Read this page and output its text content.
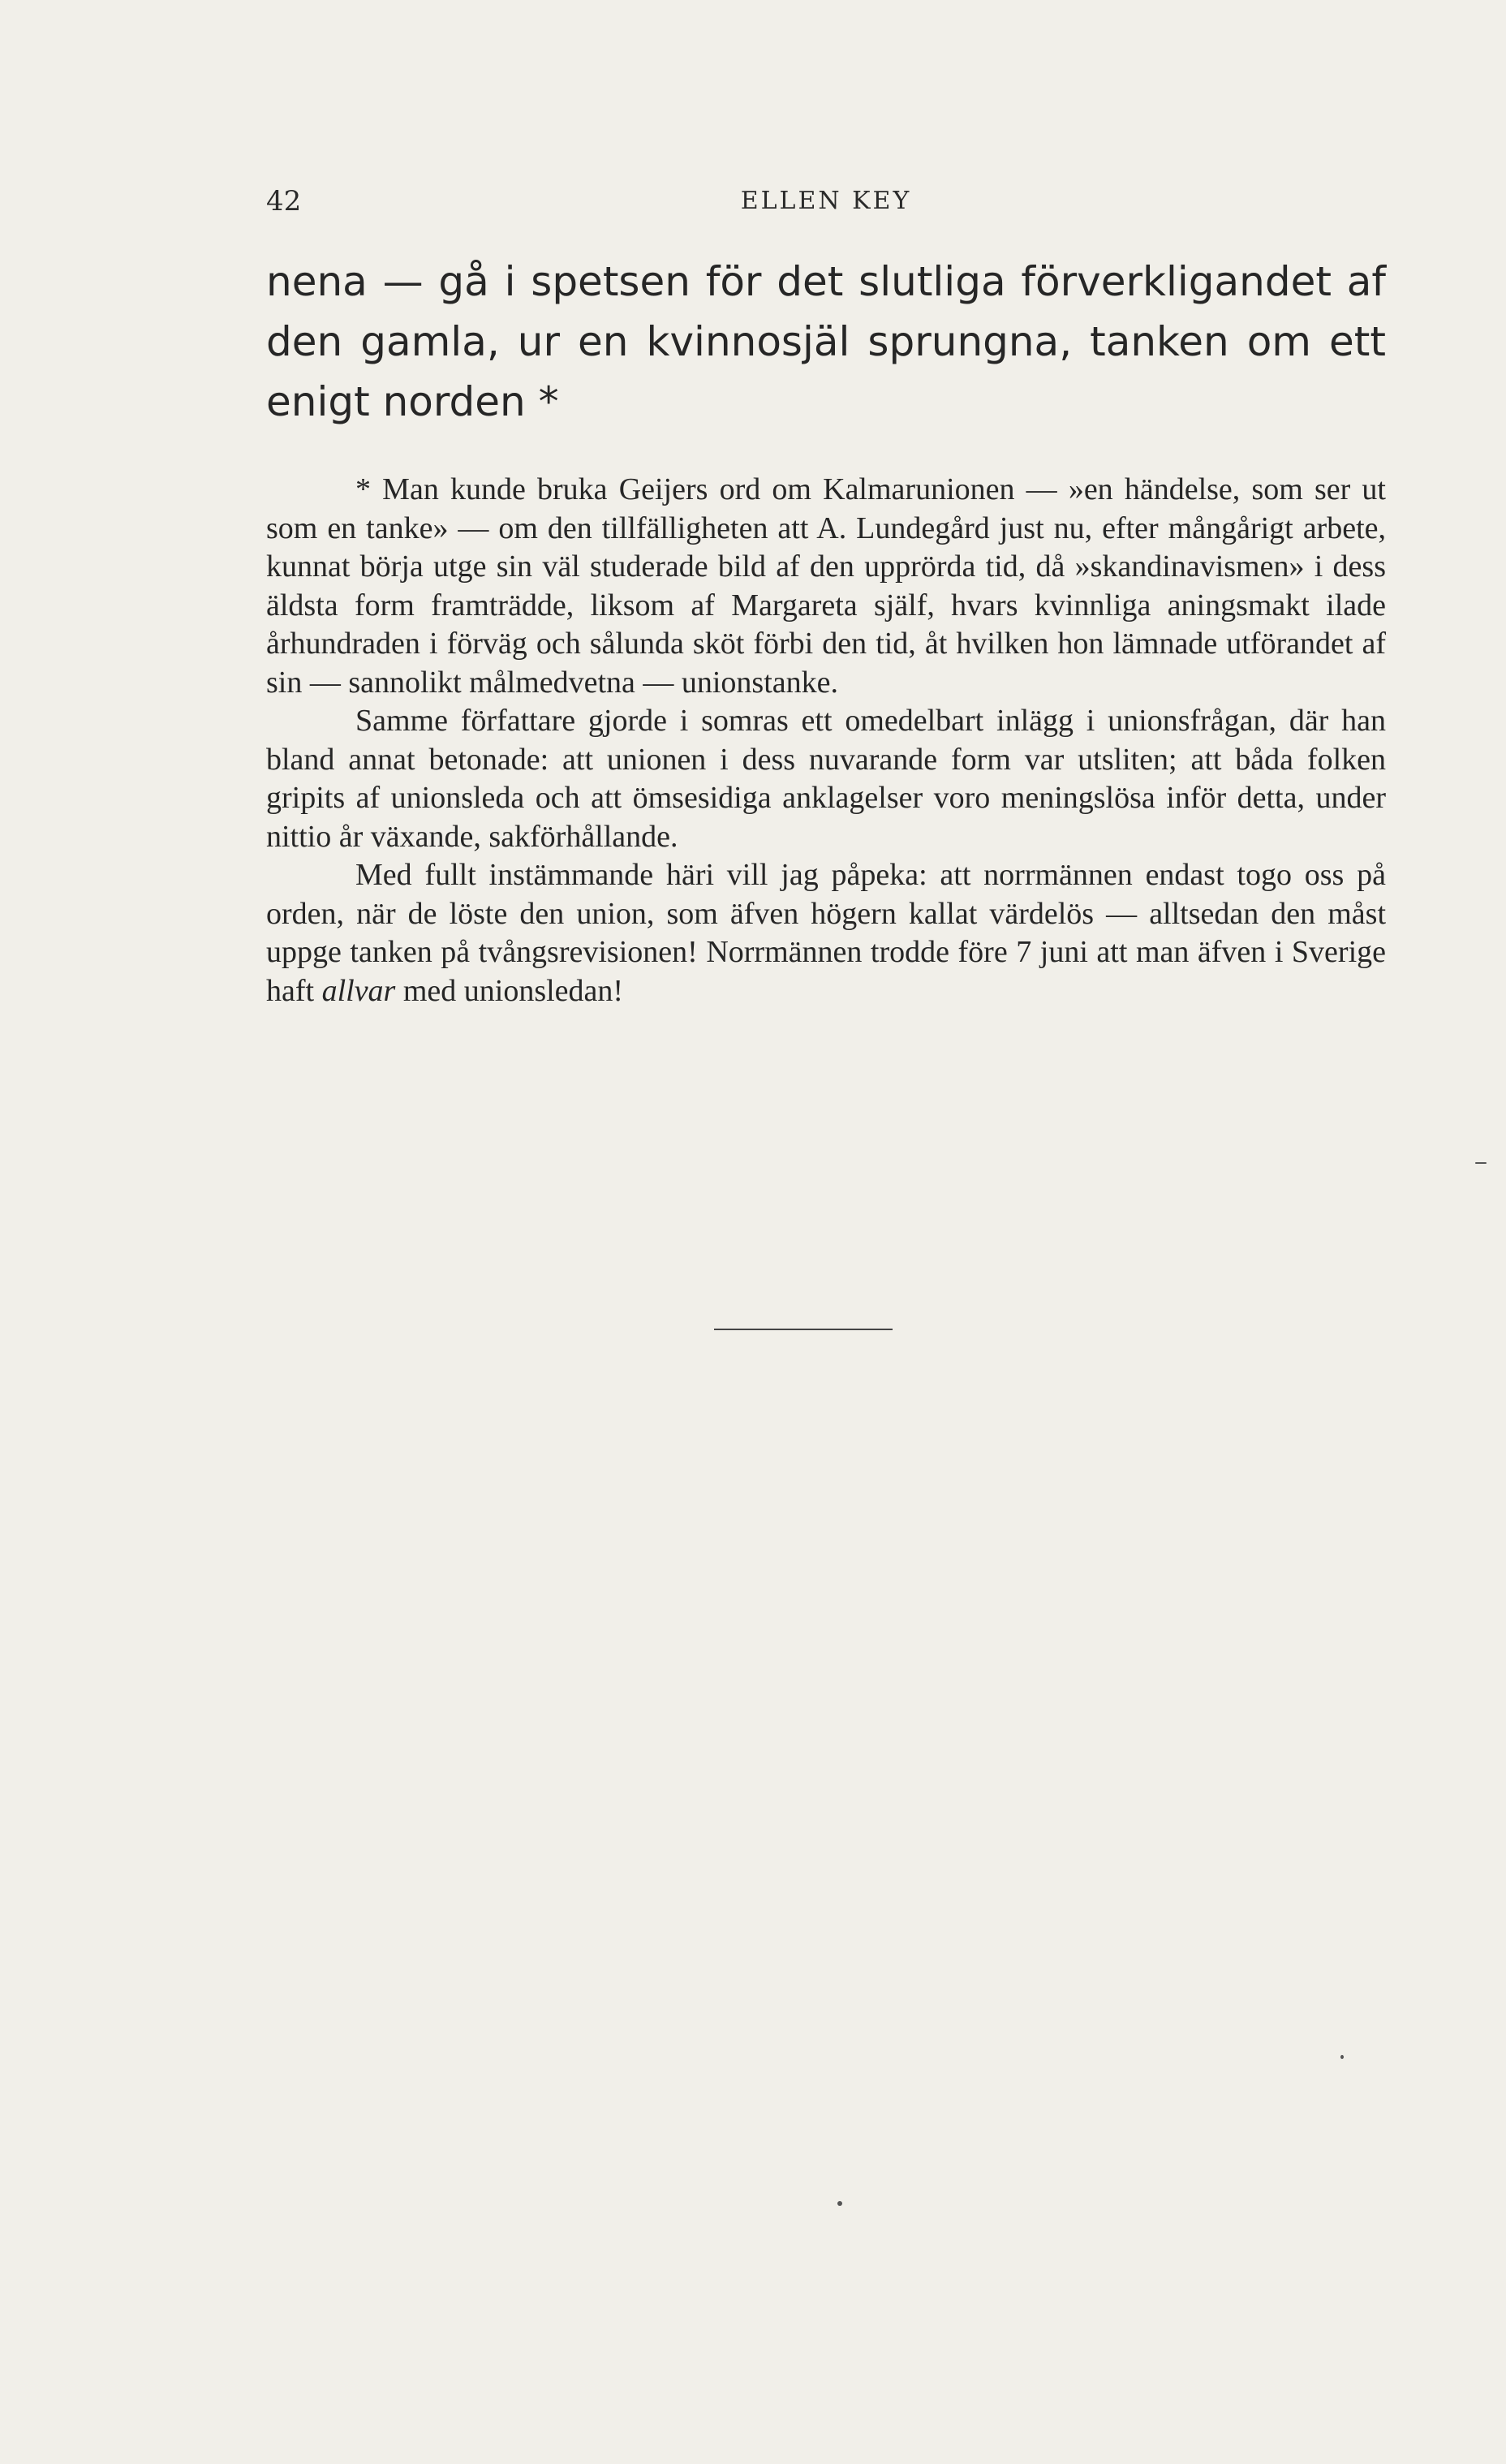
42	ELLEN KEY

nena — gå i spetsen för det slutliga förverkligandet af den gamla, ur en kvinnosjäl sprungna, tanken om ett enigt norden *

* Man kunde bruka Geijers ord om Kalmarunionen — »en händelse, som ser ut som en tanke» — om den tillfälligheten att A. Lundegård just nu, efter mångårigt arbete, kunnat börja utge sin väl studerade bild af den upprörda tid, då »skandinavismen» i dess äldsta form framträdde, liksom af Margareta själf, hvars kvinnliga aningsmakt ilade århundraden i förväg och sålunda sköt förbi den tid, åt hvilken hon lämnade utförandet af sin — sannolikt målmedvetna — unionstanke.

Samme författare gjorde i somras ett omedelbart inlägg i unionsfrågan, där han bland annat betonade: att unionen i dess nuvarande form var utsliten; att båda folken gripits af unionsleda och att ömsesidiga anklagelser voro meningslösa inför detta, under nittio år växande, sakförhållande.

Med fullt instämmande häri vill jag påpeka: att norrmännen endast togo oss på orden, när de löste den union, som äfven högern kallat värdelös — alltsedan den måst uppge tanken på tvångsrevisionen! Norrmännen trodde före 7 juni att man äfven i Sverige haft allvar med unionsledan!
